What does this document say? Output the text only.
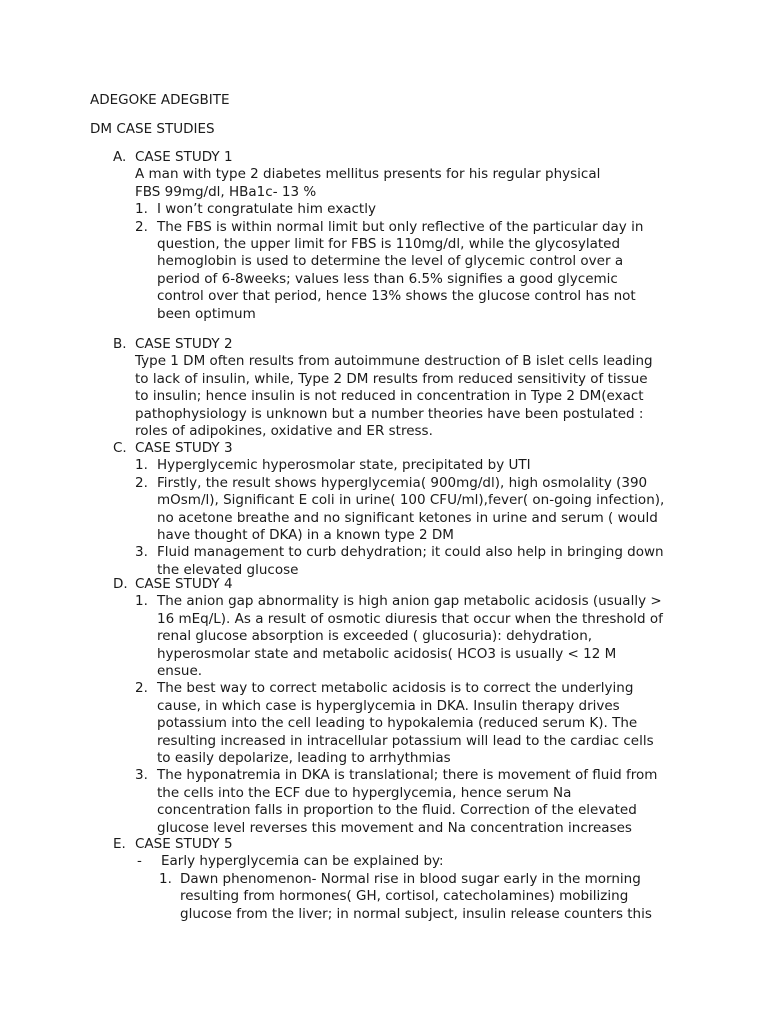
ADEGOKE ADEGBITE

DM CASE STUDIES

A. CASE STUDY 1
A man with type 2 diabetes mellitus presents for his regular physical
FBS 99mg/dl, HBa1c- 13 %
1. I won’t congratulate him exactly
2. The FBS is within normal limit but only reflective of the particular day in
question, the upper limit for FBS is 110mg/dl, while the glycosylated
hemoglobin is used to determine the level of glycemic control over a
period of 6-8weeks; values less than 6.5% signifies a good glycemic
control over that period, hence 13% shows the glucose control has not
been optimum
B. CASE STUDY 2
Type 1 DM often results from autoimmune destruction of B islet cells leading
to lack of insulin, while, Type 2 DM results from reduced sensitivity of tissue
to insulin; hence insulin is not reduced in concentration in Type 2 DM(exact
pathophysiology is unknown but a number theories have been postulated :
roles of adipokines, oxidative and ER stress.
C. CASE STUDY 3
1. Hyperglycemic hyperosmolar state, precipitated by UTI
2. Firstly, the result shows hyperglycemia( 900mg/dl), high osmolality (390
mOsm/l), Significant E coli in urine( 100 CFU/ml),fever( on-going infection),
no acetone breathe and no significant ketones in urine and serum ( would
have thought of DKA) in a known type 2 DM
3. Fluid management to curb dehydration; it could also help in bringing down
the elevated glucose
D. CASE STUDY 4
1. The anion gap abnormality is high anion gap metabolic acidosis (usually >
16 mEq/L). As a result of osmotic diuresis that occur when the threshold of
renal glucose absorption is exceeded ( glucosuria): dehydration,
hyperosmolar state and metabolic acidosis( HCO3 is usually < 12 M
ensue.
2. The best way to correct metabolic acidosis is to correct the underlying
cause, in which case is hyperglycemia in DKA. Insulin therapy drives
potassium into the cell leading to hypokalemia (reduced serum K). The
resulting increased in intracellular potassium will lead to the cardiac cells
to easily depolarize, leading to arrhythmias
3. The hyponatremia in DKA is translational; there is movement of fluid from
the cells into the ECF due to hyperglycemia, hence serum Na
concentration falls in proportion to the fluid. Correction of the elevated
glucose level reverses this movement and Na concentration increases
E. CASE STUDY 5
- Early hyperglycemia can be explained by:
1. Dawn phenomenon- Normal rise in blood sugar early in the morning
resulting from hormones( GH, cortisol, catecholamines) mobilizing
glucose from the liver; in normal subject, insulin release counters this
